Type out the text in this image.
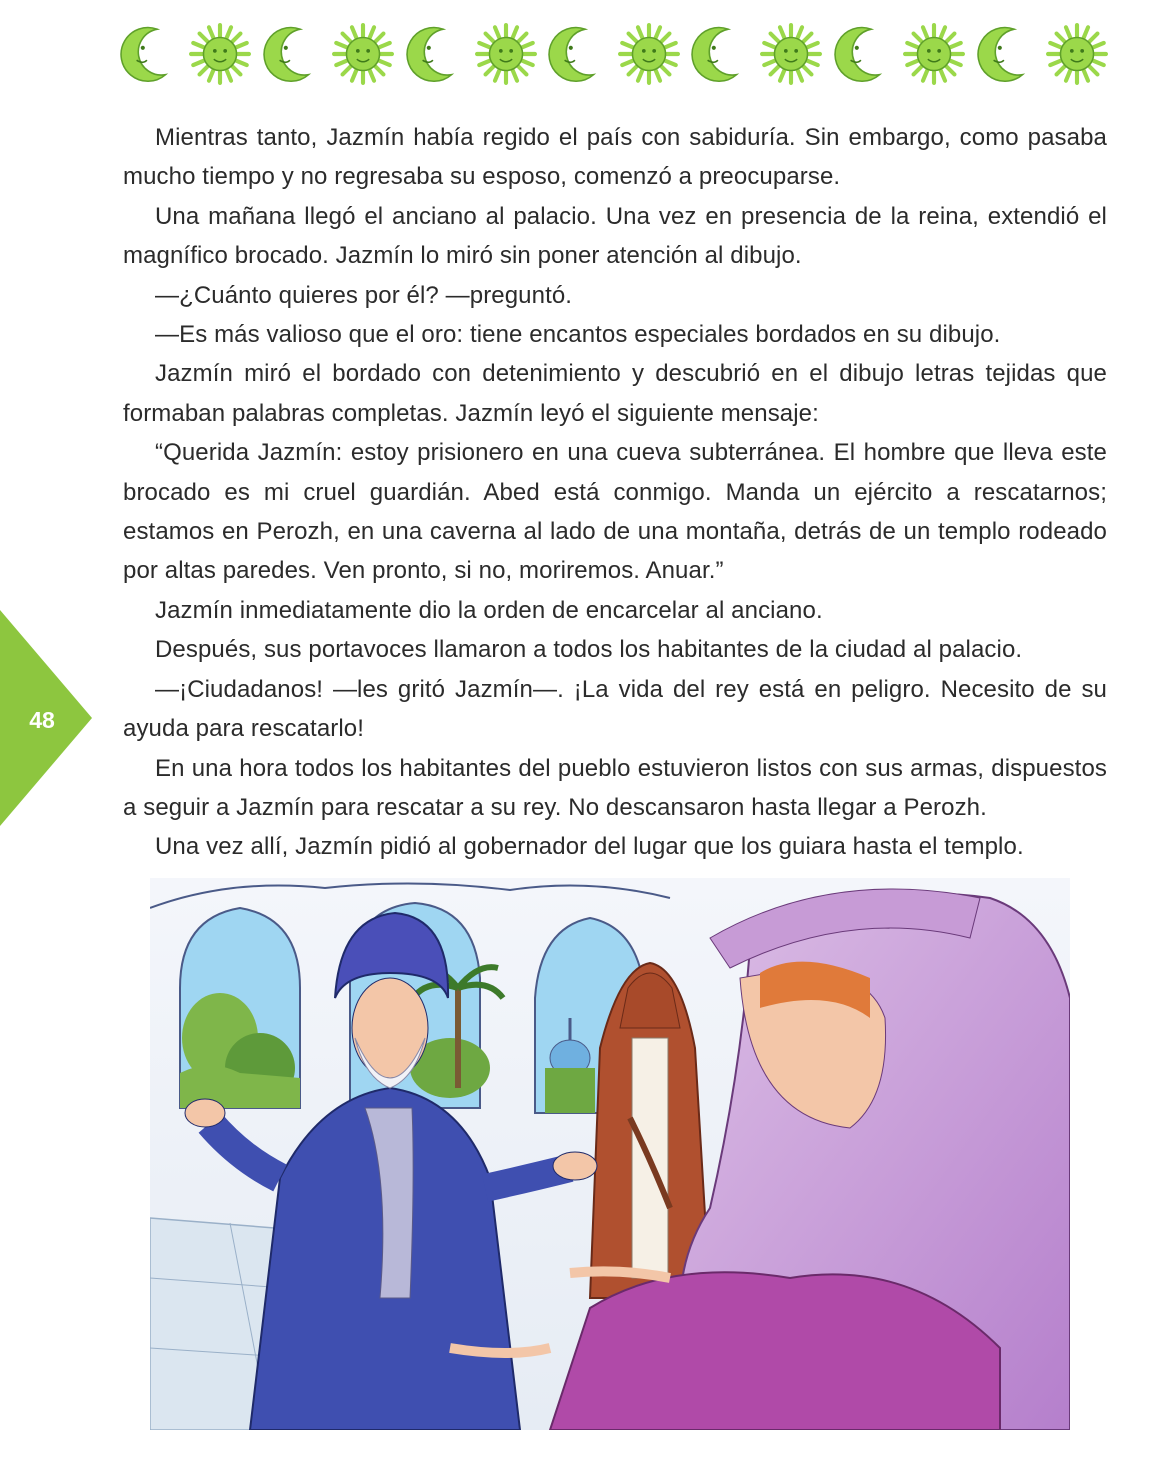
Mientras tanto, Jazmín había regido el país con sabiduría. Sin embargo, como pasaba mucho tiempo y no regresaba su esposo, comenzó a preocuparse.

Una mañana llegó el anciano al palacio. Una vez en presencia de la reina, extendió el magnífico brocado. Jazmín lo miró sin poner atención al dibujo.

—¿Cuánto quieres por él? —preguntó.

—Es más valioso que el oro: tiene encantos especiales bordados en su dibujo.

Jazmín miró el bordado con detenimiento y descubrió en el dibujo letras tejidas que formaban palabras completas. Jazmín leyó el siguiente mensaje:

“Querida Jazmín: estoy prisionero en una cueva subterránea. El hombre que lleva este brocado es mi cruel guardián. Abed está conmigo. Manda un ejército a rescatarnos; estamos en Perozh, en una caverna al lado de una montaña, detrás de un templo rodeado por altas paredes. Ven pronto, si no, moriremos. Anuar.”

Jazmín inmediatamente dio la orden de encarcelar al anciano.

Después, sus portavoces llamaron a todos los habitantes de la ciudad al palacio.

—¡Ciudadanos! —les gritó Jazmín—. ¡La vida del rey está en peligro. Necesito de su ayuda para rescatarlo!

En una hora todos los habitantes del pueblo estuvieron listos con sus armas, dispuestos a seguir a Jazmín para rescatar a su rey. No descansaron hasta llegar a Perozh.

Una vez allí, Jazmín pidió al gobernador del lugar que los guiara hasta el templo.

48
